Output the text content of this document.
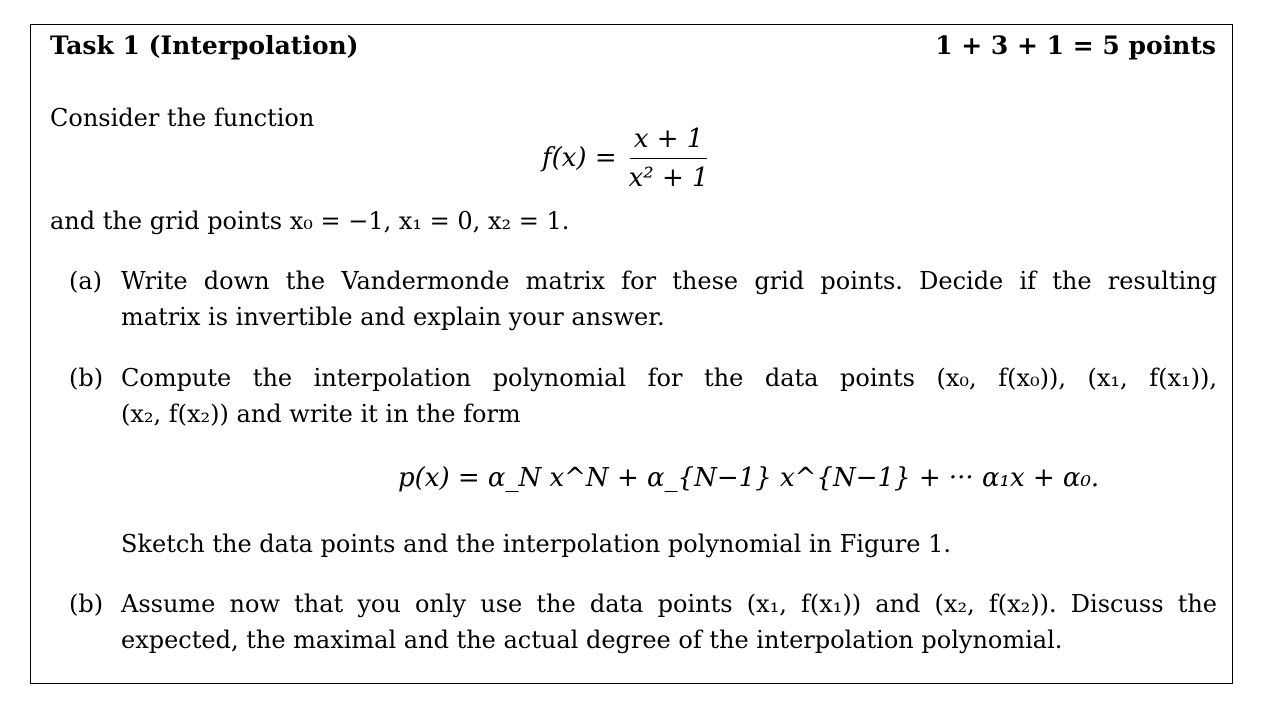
Task 1 (Interpolation)	1 + 3 + 1 = 5 points
Consider the function
$f(x) = \frac{x + 1}{\text{x² + 1}}$
and the grid points x₀ = −1, x₁ = 0, x₂ = 1.
(a) Write down the Vandermonde matrix for these grid points. Decide if the resulting
matrix is invertible and explain your answer.
(b) Compute the interpolation polynomial for the data points (x₀, f(x₀)), (x₁, f(x₁)),
(x₂, f(x₂)) and write it in the form
p(x) = α_N x^N + α_{N−1} x^{N−1} + ··· α₁x + α₀.
Sketch the data points and the interpolation polynomial in Figure 1.
(b) Assume now that you only use the data points (x₁, f(x₁)) and (x₂, f(x₂)). Discuss the
expected, the maximal and the actual degree of the interpolation polynomial.
